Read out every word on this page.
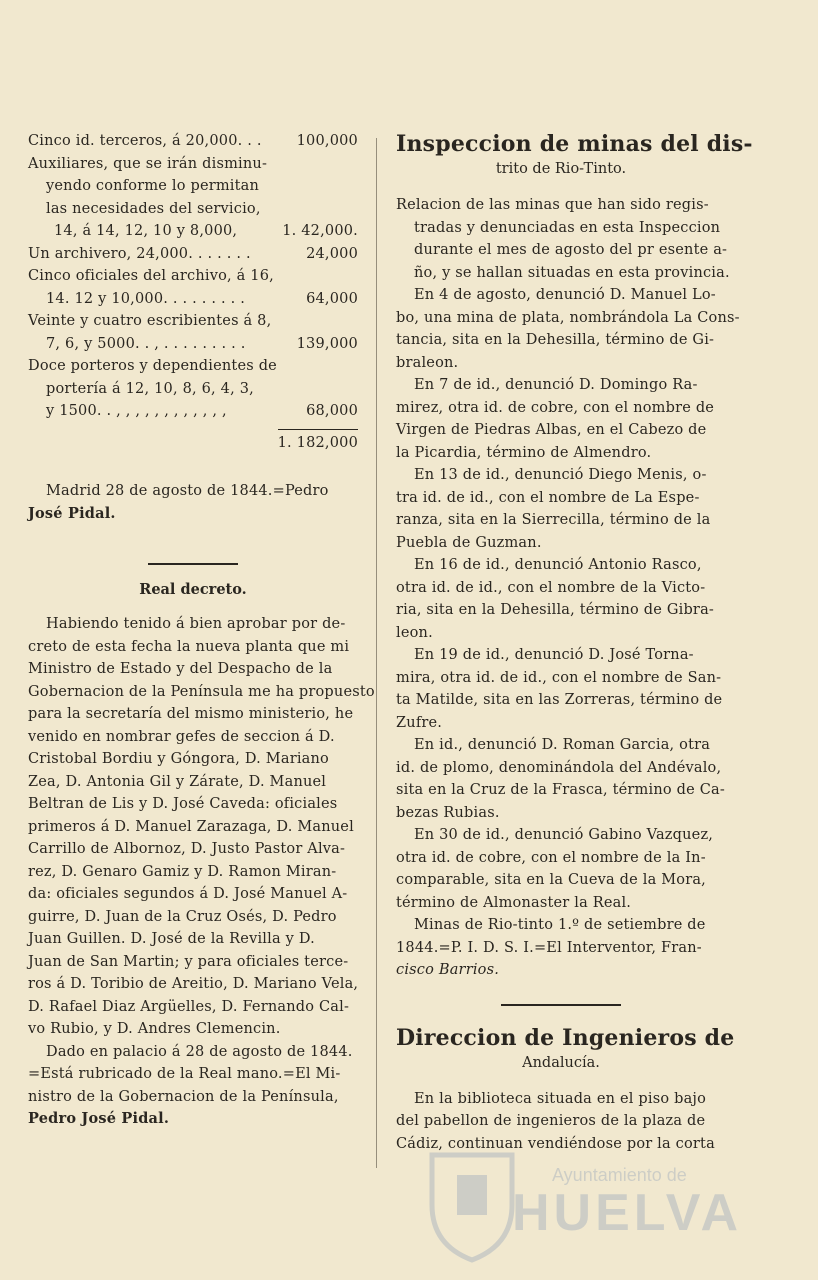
Cinco id. terceros, á 20,000. . . 100,000
Auxiliares, que se irán disminu-
yendo conforme lo permitan
las necesidades del servicio,
14, á 14, 12, 10 y 8,000,	1. 42,000.
Un archivero, 24,000. . . . . . .	24,000
Cinco oficiales del archivo, á 16,
14. 12 y 10,000. . . . . . . . .	64,000
Veinte y cuatro escribientes á 8,
7, 6, y 5000. . , . . . . . . . . .	139,000
Doce porteros y dependientes de
portería á 12, 10, 8, 6, 4, 3,
y 1500. . , , , , , , , , , , , ,	68,000
1. 182,000
Madrid 28 de agosto de 1844.=Pedro
José Pidal.
Real decreto.
Habiendo tenido á bien aprobar por de-
creto de esta fecha la nueva planta que mi
Ministro de Estado y del Despacho de la
Gobernacion de la Península me ha propuesto
para la secretaría del mismo ministerio, he
venido en nombrar gefes de seccion á D.
Cristobal Bordiu y Góngora, D. Mariano
Zea, D. Antonia Gil y Zárate, D. Manuel
Beltran de Lis y D. José Caveda: oficiales
primeros á D. Manuel Zarazaga, D. Manuel
Carrillo de Albornoz, D. Justo Pastor Alva-
rez, D. Genaro Gamiz y D. Ramon Miran-
da: oficiales segundos á D. José Manuel A-
guirre, D. Juan de la Cruz Osés, D. Pedro
Juan Guillen. D. José de la Revilla y D.
Juan de San Martin; y para oficiales terce-
ros á D. Toribio de Areitio, D. Mariano Vela,
D. Rafael Diaz Argüelles, D. Fernando Cal-
vo Rubio, y D. Andres Clemencin.
Dado en palacio á 28 de agosto de 1844.
=Está rubricado de la Real mano.=El Mi-
nistro de la Gobernacion de la Península,
Pedro José Pidal.
Inspeccion de minas del dis-
trito de Rio-Tinto.
Relacion de las minas que han sido regis-
tradas y denunciadas en esta Inspeccion
durante el mes de agosto del pr esente a-
ño, y se hallan situadas en esta provincia.
En 4 de agosto, denunció D. Manuel Lo-
bo, una mina de plata, nombrándola La Cons-
tancia, sita en la Dehesilla, término de Gi-
braleon.
En 7 de id., denunció D. Domingo Ra-
mirez, otra id. de cobre, con el nombre de
Virgen de Piedras Albas, en el Cabezo de
la Picardia, término de Almendro.
En 13 de id., denunció Diego Menis, o-
tra id. de id., con el nombre de La Espe-
ranza, sita en la Sierrecilla, término de la
Puebla de Guzman.
En 16 de id., denunció Antonio Rasco,
otra id. de id., con el nombre de la Victo-
ria, sita en la Dehesilla, término de Gibra-
leon.
En 19 de id., denunció D. José Torna-
mira, otra id. de id., con el nombre de San-
ta Matilde, sita en las Zorreras, término de
Zufre.
En id., denunció D. Roman Garcia, otra
id. de plomo, denominándola del Andévalo,
sita en la Cruz de la Frasca, término de Ca-
bezas Rubias.
En 30 de id., denunció Gabino Vazquez,
otra id. de cobre, con el nombre de la In-
comparable, sita en la Cueva de la Mora,
término de Almonaster la Real.
Minas de Rio-tinto 1.º de setiembre de
1844.=P. I. D. S. I.=El Interventor, Fran-
cisco Barrios.
Direccion de Ingenieros de
Andalucía.
En la biblioteca situada en el piso bajo
del pabellon de ingenieros de la plaza de
Cádiz, continuan vendiéndose por la corta
Ayuntamiento de
HUELVA
